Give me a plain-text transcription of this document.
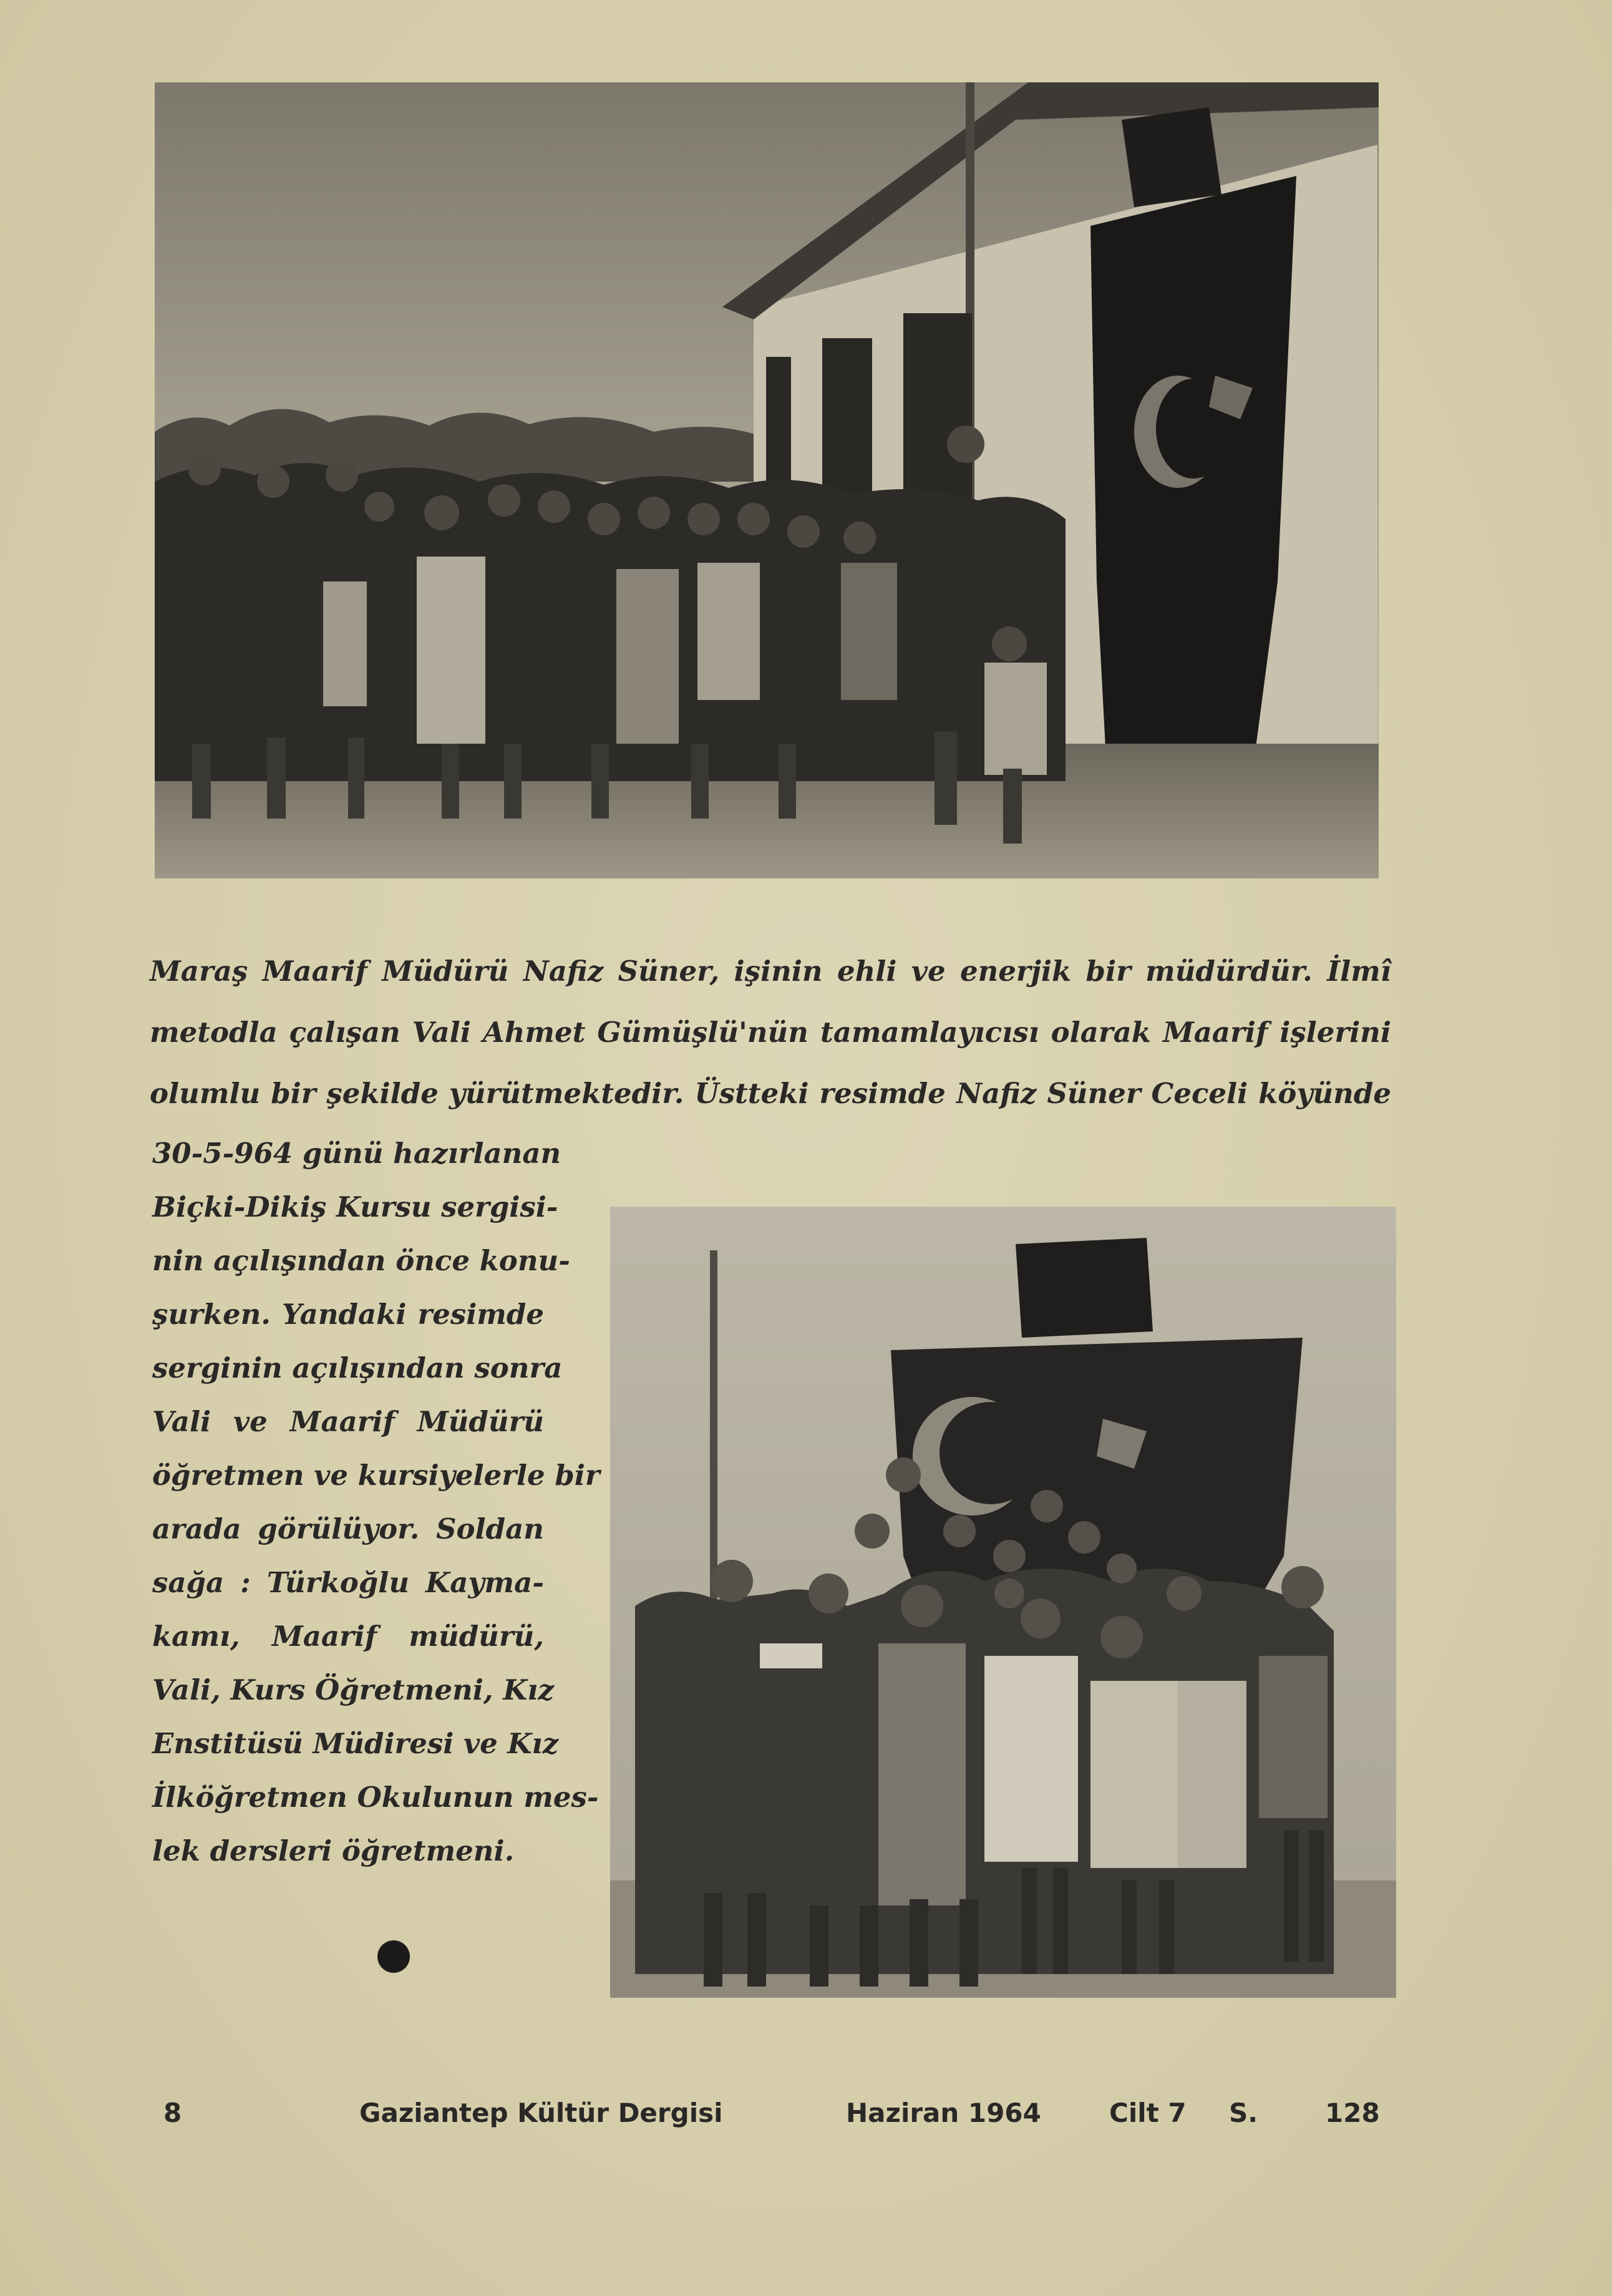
Maraş Maarif Müdürü Nafiz Süner, işinin ehli ve enerjik bir müdürdür. İlmî
metodla çalışan Vali Ahmet Gümüşlü'nün tamamlayıcısı olarak Maarif işlerini
olumlu bir şekilde yürütmektedir. Üstteki resimde Nafiz Süner Ceceli köyünde
30-5-964 günü hazırlanan
Biçki-Dikiş Kursu sergisi-
nin açılışından önce konu-
şurken. Yandaki resimde
serginin açılışından sonra
Vali ve Maarif Müdürü
öğretmen ve kursiyelerle bir
arada görülüyor. Soldan
sağa : Türkoğlu Kayma-
kamı, Maarif müdürü,
Vali, Kurs Öğretmeni, Kız
Enstitüsü Müdiresi ve Kız
İlköğretmen Okulunun mes-
lek dersleri öğretmeni.
8	Gaziantep Kültür Dergisi	Haziran 1964	Cilt 7 S.	128
